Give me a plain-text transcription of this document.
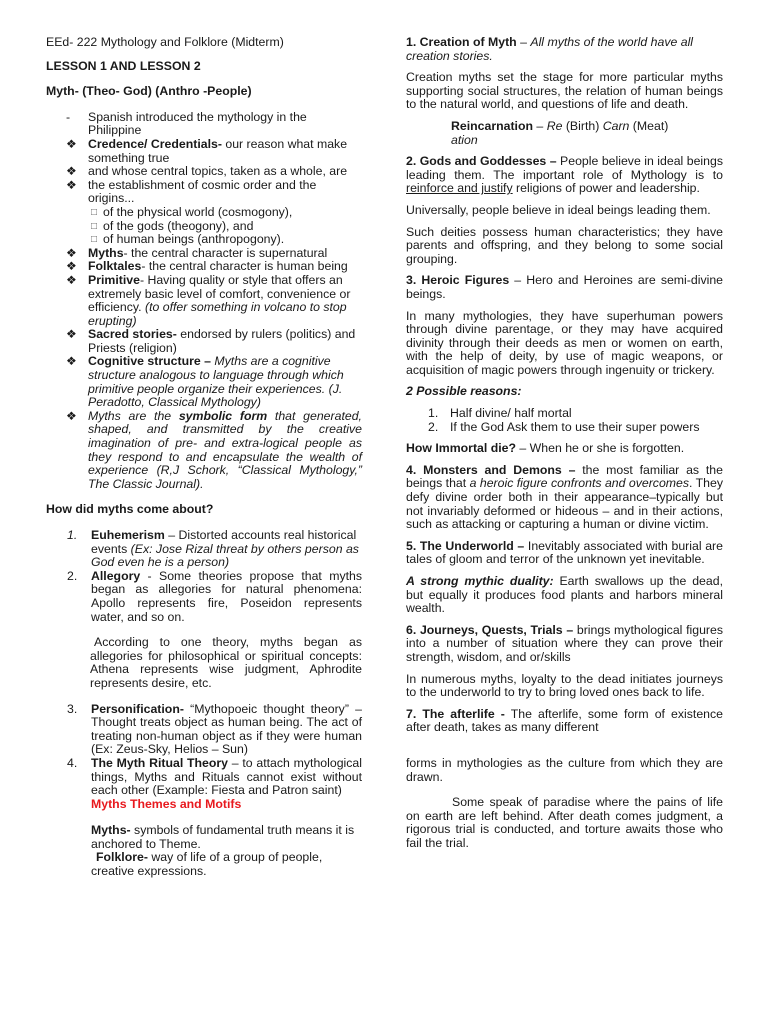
EEd- 222 Mythology and Folklore (Midterm)

LESSON 1 AND LESSON 2

Myth- (Theo- God) (Anthro -People)

-	Spanish introduced the mythology in the Philippine
❖ Credence/ Credentials- our reason what make something true
❖ and whose central topics, taken as a whole, are
❖ the establishment of cosmic order and the origins...
□ of the physical world (cosmogony),
□ of the gods (theogony), and
□ of human beings (anthropogony).
❖ Myths- the central character is supernatural
❖ Folktales- the central character is human being
❖ Primitive- Having quality or style that offers an extremely basic level of comfort, convenience or efficiency. (to offer something in volcano to stop erupting)
❖ Sacred stories- endorsed by rulers (politics) and Priests (religion)
❖ Cognitive structure – Myths are a cognitive structure analogous to language through which primitive people organize their experiences. (J. Peradotto, Classical Mythology)
❖ Myths are the symbolic form that generated, shaped, and transmitted by the creative imagination of pre- and extra-logical people as they respond to and encapsulate the wealth of experience (R,J Schork, “Classical Mythology,” The Classic Journal).

How did myths come about?

1.	Euhemerism – Distorted accounts real historical events (Ex: Jose Rizal threat by others person as God even he is a person)
2.	Allegory - Some theories propose that myths began as allegories for natural phenomena: Apollo represents fire, Poseidon represents water, and so on.

According to one theory, myths began as allegories for philosophical or spiritual concepts: Athena represents wise judgment, Aphrodite represents desire, etc.

3.	Personification- “Mythopoeic thought theory” – Thought treats object as human being. The act of treating non-human object as if they were human (Ex: Zeus-Sky, Helios – Sun)
4.	The Myth Ritual Theory – to attach mythological things, Myths and Rituals cannot exist without each other (Example: Fiesta and Patron saint)

Myths Themes and Motifs

Myths- symbols of fundamental truth means it is anchored to Theme.

Folklore- way of life of a group of people, creative expressions.

1. Creation of Myth – All myths of the world have all creation stories.

Creation myths set the stage for more particular myths supporting social structures, the relation of human beings to the natural world, and questions of life and death.

Reincarnation – Re (Birth) Carn (Meat)
ation

2. Gods and Goddesses – People believe in ideal beings leading them. The important role of Mythology is to reinforce and justify religions of power and leadership.

Universally, people believe in ideal beings leading them.

Such deities possess human characteristics; they have parents and offspring, and they belong to some social grouping.

3. Heroic Figures – Hero and Heroines are semi-divine beings.

In many mythologies, they have superhuman powers through divine parentage, or they may have acquired divinity through their deeds as men or women on earth, with the help of deity, by use of magic weapons, or acquisition of magic powers through ingenuity or trickery.

2 Possible reasons:

1. Half divine/ half mortal
2. If the God Ask them to use their super powers

How Immortal die? – When he or she is forgotten.

4. Monsters and Demons – the most familiar as the beings that a heroic figure confronts and overcomes. They defy divine order both in their appearance–typically but not invariably deformed or hideous – and in their actions, such as attacking or capturing a human or divine victim.

5. The Underworld – Inevitably associated with burial are tales of gloom and terror of the unknown yet inevitable.

A strong mythic duality: Earth swallows up the dead, but equally it produces food plants and harbors mineral wealth.

6. Journeys, Quests, Trials – brings mythological figures into a number of situation where they can prove their strength, wisdom, and or/skills

In numerous myths, loyalty to the dead initiates journeys to the underworld to try to bring loved ones back to life.

7. The afterlife - The afterlife, some form of existence after death, takes as many different

forms in mythologies as the culture from which they are drawn.

Some speak of paradise where the pains of life on earth are left behind. After death comes judgment, a rigorous trial is conducted, and torture awaits those who fail the trial.
